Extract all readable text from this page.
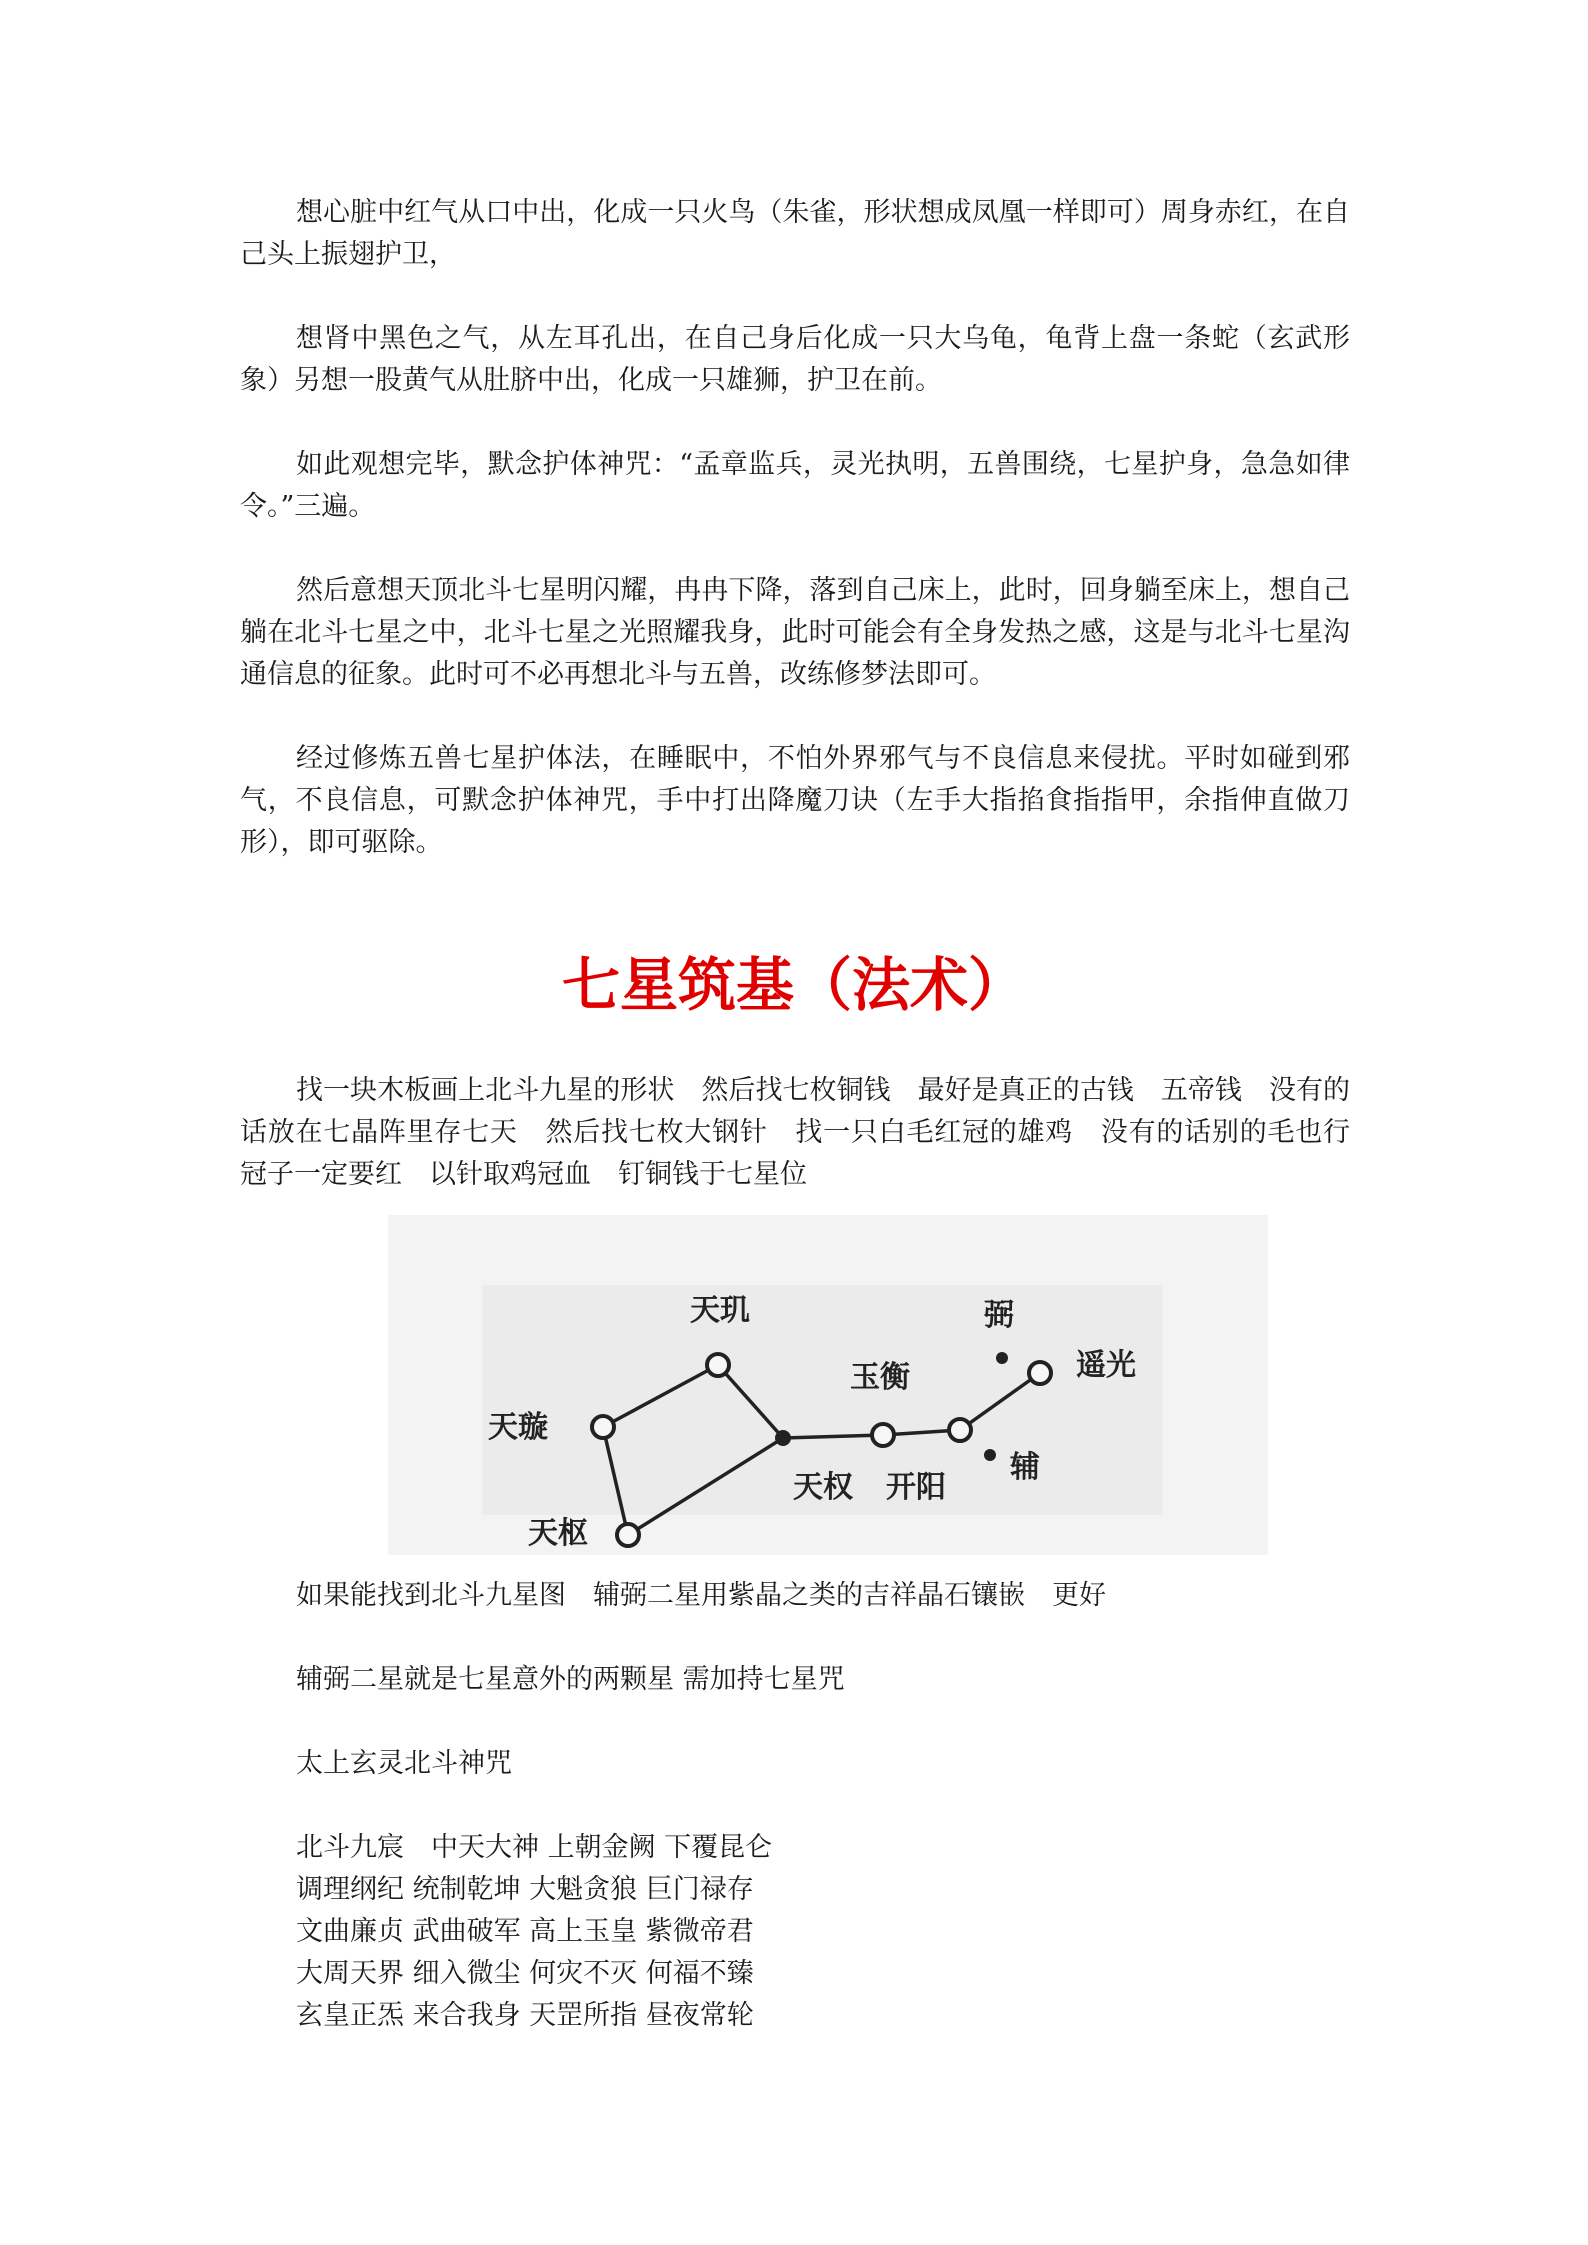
想心脏中红气从口中出，化成一只火鸟（朱雀，形状想成凤凰一样即可）周身赤红，在自己头上振翅护卫，

想肾中黑色之气，从左耳孔出，在自己身后化成一只大乌龟，龟背上盘一条蛇（玄武形象）另想一股黄气从肚脐中出，化成一只雄狮，护卫在前。

如此观想完毕，默念护体神咒：“孟章监兵，灵光执明，五兽围绕，七星护身，急急如律令。”三遍。

然后意想天顶北斗七星明闪耀，冉冉下降，落到自己床上，此时，回身躺至床上，想自己躺在北斗七星之中，北斗七星之光照耀我身，此时可能会有全身发热之感，这是与北斗七星沟通信息的征象。此时可不必再想北斗与五兽，改练修梦法即可。

经过修炼五兽七星护体法，在睡眠中，不怕外界邪气与不良信息来侵扰。平时如碰到邪气，不良信息，可默念护体神咒，手中打出降魔刀诀（左手大指掐食指指甲，余指伸直做刀形），即可驱除。

七星筑基（法术）

找一块木板画上北斗九星的形状　然后找七枚铜钱　最好是真正的古钱　五帝钱　没有的话放在七晶阵里存七天　然后找七枚大钢针　找一只白毛红冠的雄鸡　没有的话别的毛也行　冠子一定要红　以针取鸡冠血　钉铜钱于七星位

天玑
天璇
天枢
天权
玉衡
开阳
遥光
弼
辅

如果能找到北斗九星图　辅弼二星用紫晶之类的吉祥晶石镶嵌　更好

辅弼二星就是七星意外的两颗星 需加持七星咒

太上玄灵北斗神咒

北斗九宸　中天大神 上朝金阙 下覆昆仑

调理纲纪 统制乾坤 大魁贪狼 巨门禄存

文曲廉贞 武曲破军 高上玉皇 紫微帝君

大周天界 细入微尘 何灾不灭 何福不臻

玄皇正炁 来合我身 天罡所指 昼夜常轮
